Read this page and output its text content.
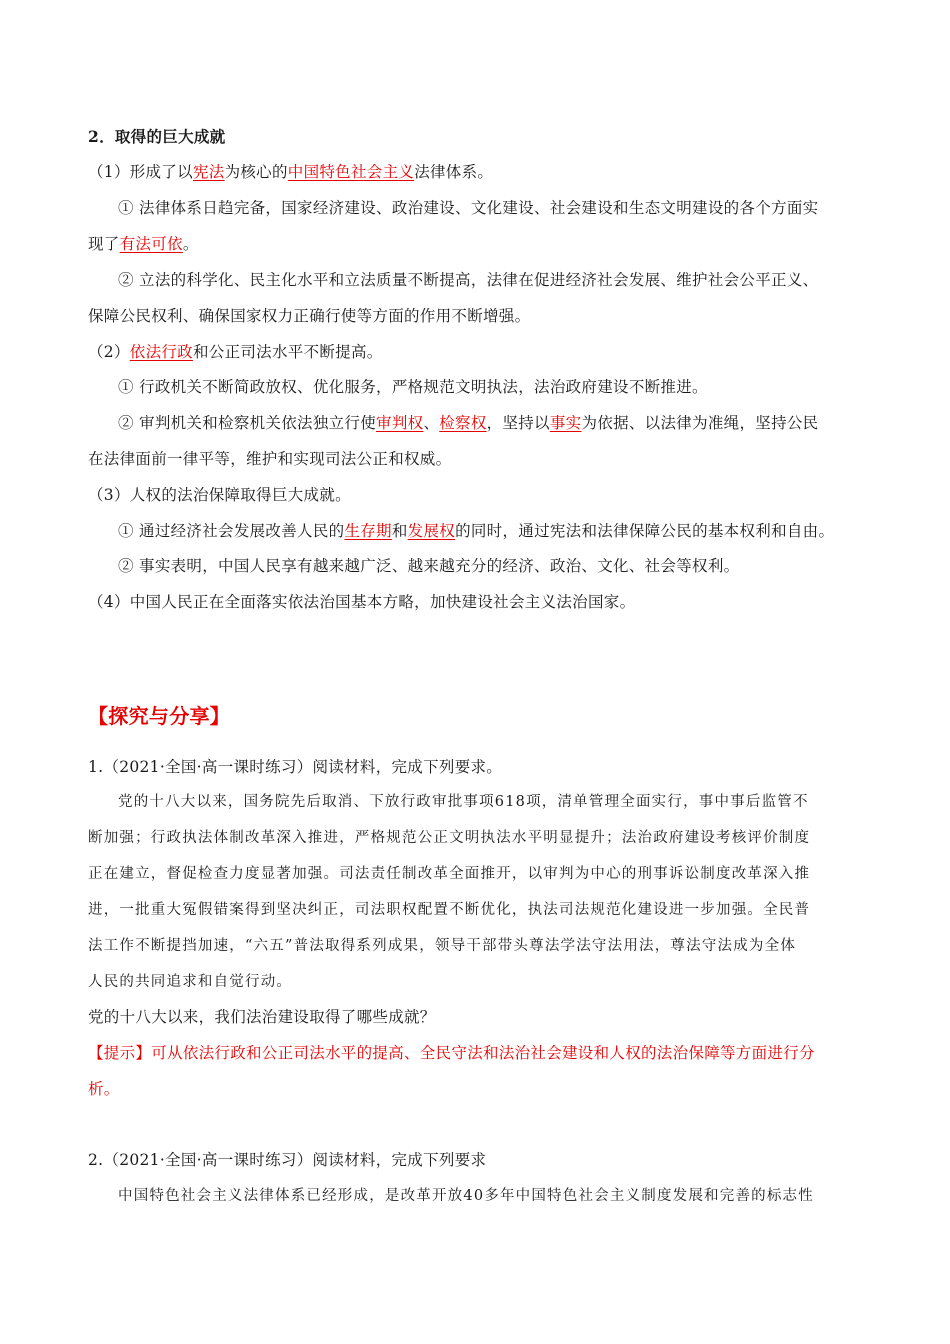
2．取得的巨大成就
（1）形成了以宪法为核心的中国特色社会主义法律体系。
① 法律体系日趋完备，国家经济建设、政治建设、文化建设、社会建设和生态文明建设的各个方面实
现了有法可依。
② 立法的科学化、民主化水平和立法质量不断提高，法律在促进经济社会发展、维护社会公平正义、
保障公民权利、确保国家权力正确行使等方面的作用不断增强。
（2）依法行政和公正司法水平不断提高。
① 行政机关不断简政放权、优化服务，严格规范文明执法，法治政府建设不断推进。
② 审判机关和检察机关依法独立行使审判权、检察权，坚持以事实为依据、以法律为准绳，坚持公民
在法律面前一律平等，维护和实现司法公正和权威。
（3）人权的法治保障取得巨大成就。
① 通过经济社会发展改善人民的生存期和发展权的同时，通过宪法和法律保障公民的基本权利和自由。
② 事实表明，中国人民享有越来越广泛、越来越充分的经济、政治、文化、社会等权利。
（4）中国人民正在全面落实依法治国基本方略，加快建设社会主义法治国家。
【探究与分享】
1.（2021·全国·高一课时练习）阅读材料，完成下列要求。
党的十八大以来，国务院先后取消、下放行政审批事项618项，清单管理全面实行，事中事后监管不
断加强；行政执法体制改革深入推进，严格规范公正文明执法水平明显提升；法治政府建设考核评价制度
正在建立，督促检查力度显著加强。司法责任制改革全面推开，以审判为中心的刑事诉讼制度改革深入推
进，一批重大冤假错案得到坚决纠正，司法职权配置不断优化，执法司法规范化建设进一步加强。全民普
法工作不断提挡加速，“六五”普法取得系列成果，领导干部带头尊法学法守法用法，尊法守法成为全体
人民的共同追求和自觉行动。
党的十八大以来，我们法治建设取得了哪些成就？
【提示】可从依法行政和公正司法水平的提高、全民守法和法治社会建设和人权的法治保障等方面进行分
析。
2.（2021·全国·高一课时练习）阅读材料，完成下列要求
中国特色社会主义法律体系已经形成，是改革开放40多年中国特色社会主义制度发展和完善的标志性
